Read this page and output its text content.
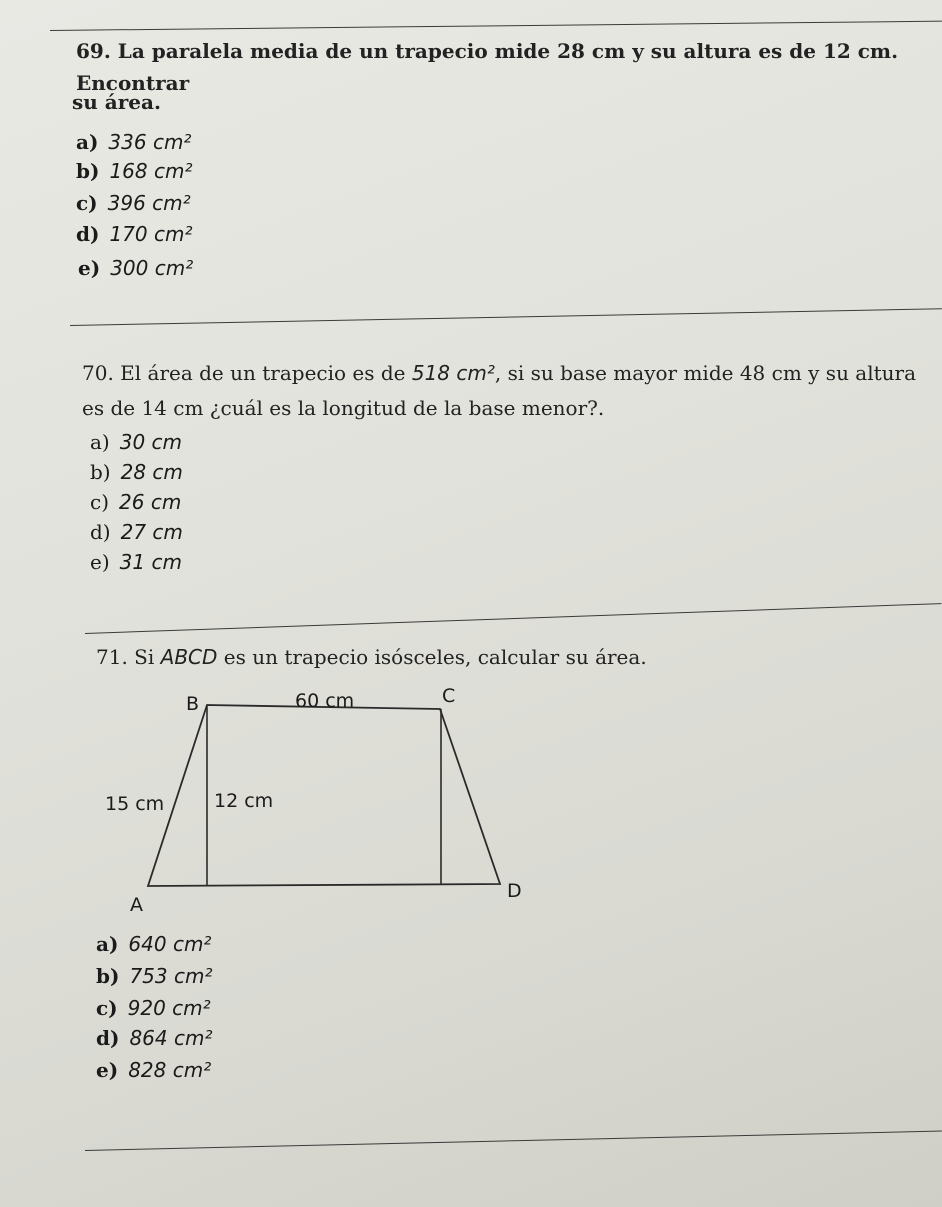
69. La paralela media de un trapecio mide 28 cm y su altura es de 12 cm. Encontrar
su área.
a) 336 cm²
b) 168 cm²
c) 396 cm²
d) 170 cm²
e) 300 cm²
70. El área de un trapecio es de 518 cm², si su base mayor mide 48 cm y su altura
es de 14 cm ¿cuál es la longitud de la base menor?.
a) 30 cm
b) 28 cm
c) 26 cm
d) 27 cm
e) 31 cm
71. Si ABCD es un trapecio isósceles, calcular su área.
B	60 cm	C
15 cm	12 cm
A
D
a) 640 cm²
b) 753 cm²
c) 920 cm²
d) 864 cm²
e) 828 cm²
